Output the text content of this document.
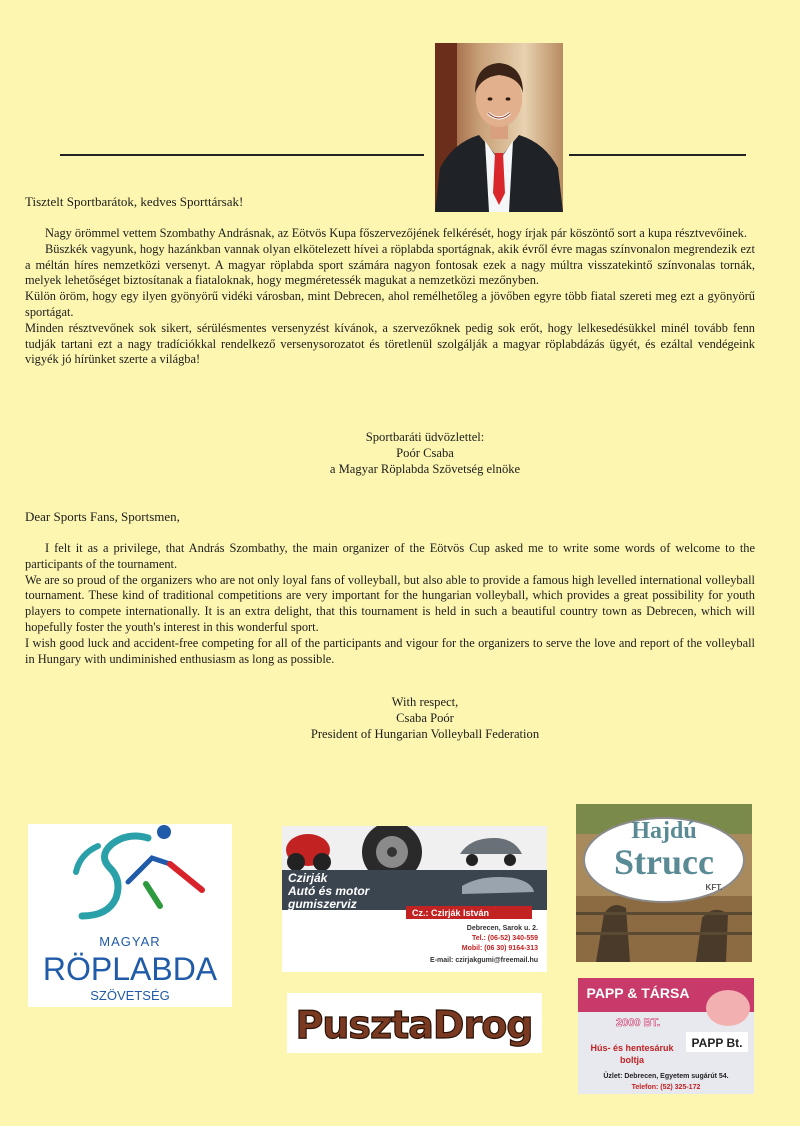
Tisztelt Sportbarátok, kedves Sporttársak!

Nagy örömmel vettem Szombathy Andrásnak, az Eötvös Kupa főszervezőjének felkérését, hogy írjak pár köszöntő sort a kupa résztvevőinek.

Büszkék vagyunk, hogy hazánkban vannak olyan elkötelezett hívei a röplabda sportágnak, akik évről évre magas színvonalon megrendezik ezt a méltán híres nemzetközi versenyt. A magyar röplabda sport számára nagyon fontosak ezek a nagy múltra visszatekintő színvonalas tornák, melyek lehetőséget biztosítanak a fiataloknak, hogy megméretessék magukat a nemzetközi mezőnyben.

Külön öröm, hogy egy ilyen gyönyörű vidéki városban, mint Debrecen, ahol remélhetőleg a jövőben egyre több fiatal szereti meg ezt a gyönyörű sportágat.

Minden résztvevőnek sok sikert, sérülésmentes versenyzést kívánok, a szervezőknek pedig sok erőt, hogy lelkesedésükkel minél tovább fenn tudják tartani ezt a nagy tradíciókkal rendelkező versenysorozatot és töretlenül szolgálják a magyar röplabdázás ügyét, és ezáltal vendégeink vigyék jó hírünket szerte a világba!

Sportbaráti üdvözlettel:
Poór Csaba
a Magyar Röplabda Szövetség elnöke
Dear Sports Fans, Sportsmen,

I felt it as a privilege, that András Szombathy, the main organizer of the Eötvös Cup asked me to write some words of welcome to the participants of the tournament.

We are so proud of the organizers who are not only loyal fans of volleyball, but also able to provide a famous high levelled international volleyball tournament. These kind of traditional competitions are very important for the hungarian volleyball, which provides a great possibility for youth players to compete internationally. It is an extra delight, that this tournament is held in such a beautiful country town as Debrecen, which will hopefully foster the youth's interest in this wonderful sport.

I wish good luck and accident-free competing for all of the participants and vigour for the organizers to serve the love and report of the volleyball in Hungary with undiminished enthusiasm as long as possible.

With respect,
Csaba Poór
President of Hungarian Volleyball Federation
MAGYAR
RÖPLABDA
SZÖVETSÉG
Czirják
Autó és motor
gumiszerviz
Cz.: Czirják István
Debrecen, Sarok u. 2.
Tel.: (06-52) 340-559
Mobil: (06 30) 9164-313
E-mail: czirjakgumi@freemail.hu
Hajdú
Strucc
KFT.
PusztaDrog
PAPP & TÁRSA
2000 BT.
PAPP Bt.
Hús- és hentesáruk
boltja
Üzlet: Debrecen, Egyetem sugárút 54.
Telefon: (52) 325-172
